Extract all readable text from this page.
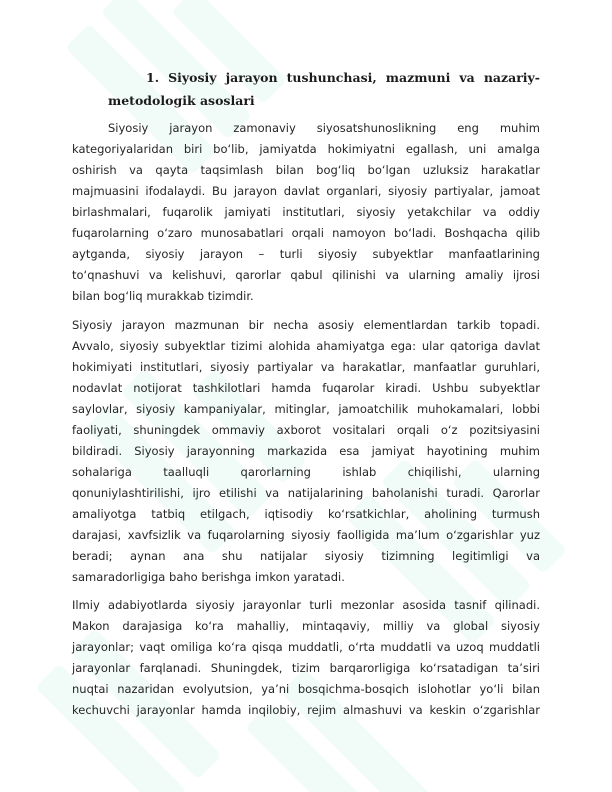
1. Siyosiy jarayon tushunchasi, mazmuni va nazariy-
metodologik asoslari

Siyosiy jarayon zamonaviy siyosatshunoslikning eng muhim
kategoriyalaridan biri bo‘lib, jamiyatda hokimiyatni egallash, uni amalga
oshirish va qayta taqsimlash bilan bog‘liq bo‘lgan uzluksiz harakatlar
majmuasini ifodalaydi. Bu jarayon davlat organlari, siyosiy partiyalar, jamoat
birlashmalari, fuqarolik jamiyati institutlari, siyosiy yetakchilar va oddiy
fuqarolarning o‘zaro munosabatlari orqali namoyon bo‘ladi. Boshqacha qilib
aytganda, siyosiy jarayon – turli siyosiy subyektlar manfaatlarining
to‘qnashuvi va kelishuvi, qarorlar qabul qilinishi va ularning amaliy ijrosi
bilan bog‘liq murakkab tizimdir.

Siyosiy jarayon mazmunan bir necha asosiy elementlardan tarkib topadi.
Avvalo, siyosiy subyektlar tizimi alohida ahamiyatga ega: ular qatoriga davlat
hokimiyati institutlari, siyosiy partiyalar va harakatlar, manfaatlar guruhlari,
nodavlat notijorat tashkilotlari hamda fuqarolar kiradi. Ushbu subyektlar
saylovlar, siyosiy kampaniyalar, mitinglar, jamoatchilik muhokamalari, lobbi
faoliyati, shuningdek ommaviy axborot vositalari orqali o‘z pozitsiyasini
bildiradi. Siyosiy jarayonning markazida esa jamiyat hayotining muhim
sohalariga taalluqli qarorlarning ishlab chiqilishi, ularning
qonuniylashtirilishi, ijro etilishi va natijalarining baholanishi turadi. Qarorlar
amaliyotga tatbiq etilgach, iqtisodiy ko‘rsatkichlar, aholining turmush
darajasi, xavfsizlik va fuqarolarning siyosiy faolligida ma’lum o‘zgarishlar yuz
beradi; aynan ana shu natijalar siyosiy tizimning legitimligi va
samaradorligiga baho berishga imkon yaratadi.

Ilmiy adabiyotlarda siyosiy jarayonlar turli mezonlar asosida tasnif qilinadi.
Makon darajasiga ko‘ra mahalliy, mintaqaviy, milliy va global siyosiy
jarayonlar; vaqt omiliga ko‘ra qisqa muddatli, o‘rta muddatli va uzoq muddatli
jarayonlar farqlanadi. Shuningdek, tizim barqarorligiga ko‘rsatadigan ta’siri
nuqtai nazaridan evolyutsion, ya’ni bosqichma-bosqich islohotlar yo‘li bilan
kechuvchi jarayonlar hamda inqilobiy, rejim almashuvi va keskin o‘zgarishlar
